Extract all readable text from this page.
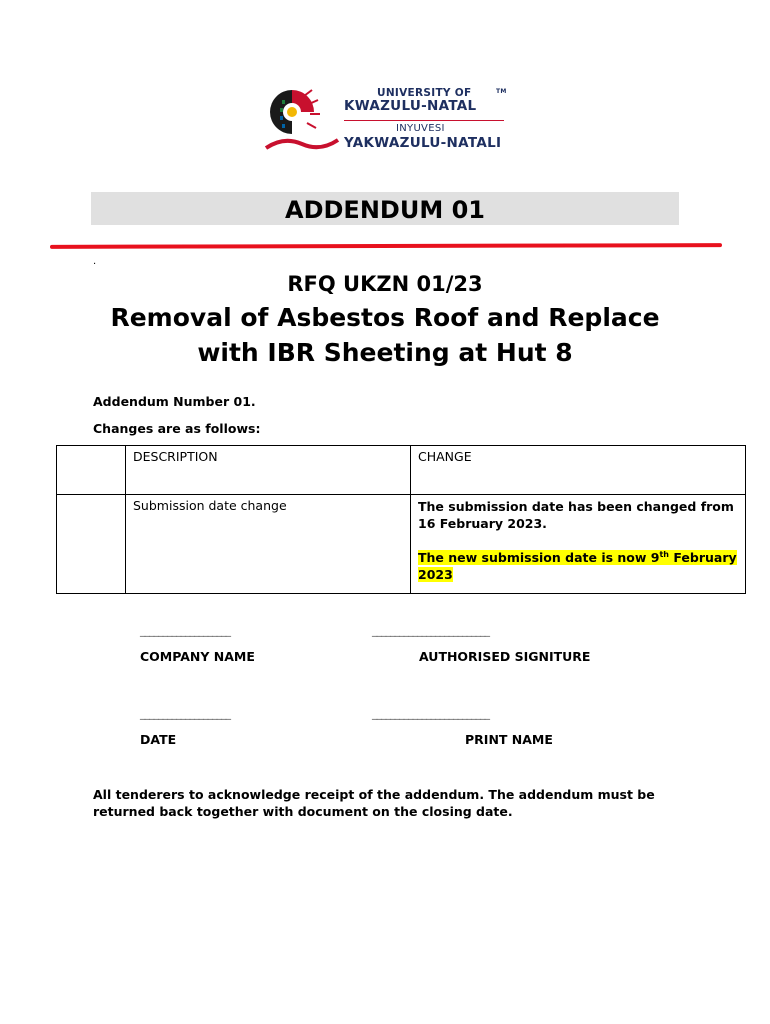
UNIVERSITY OF	TM
KWAZULU-NATAL
INYUVESI
YAKWAZULU-NATALI
ADDENDUM 01
.
RFQ UKZN 01/23
Removal of Asbestos Roof and Replace
with IBR Sheeting at Hut 8
Addendum Number 01.
Changes are as follows:
	DESCRIPTION	CHANGE
	Submission date change	The submission date has been changed from 16 February 2023.
The new submission date is now 9th February 2023
____________________	__________________________
COMPANY NAME	AUTHORISED SIGNITURE
____________________	__________________________
DATE	PRINT NAME
All tenderers to acknowledge receipt of the addendum. The addendum must be returned back together with document on the closing date.
